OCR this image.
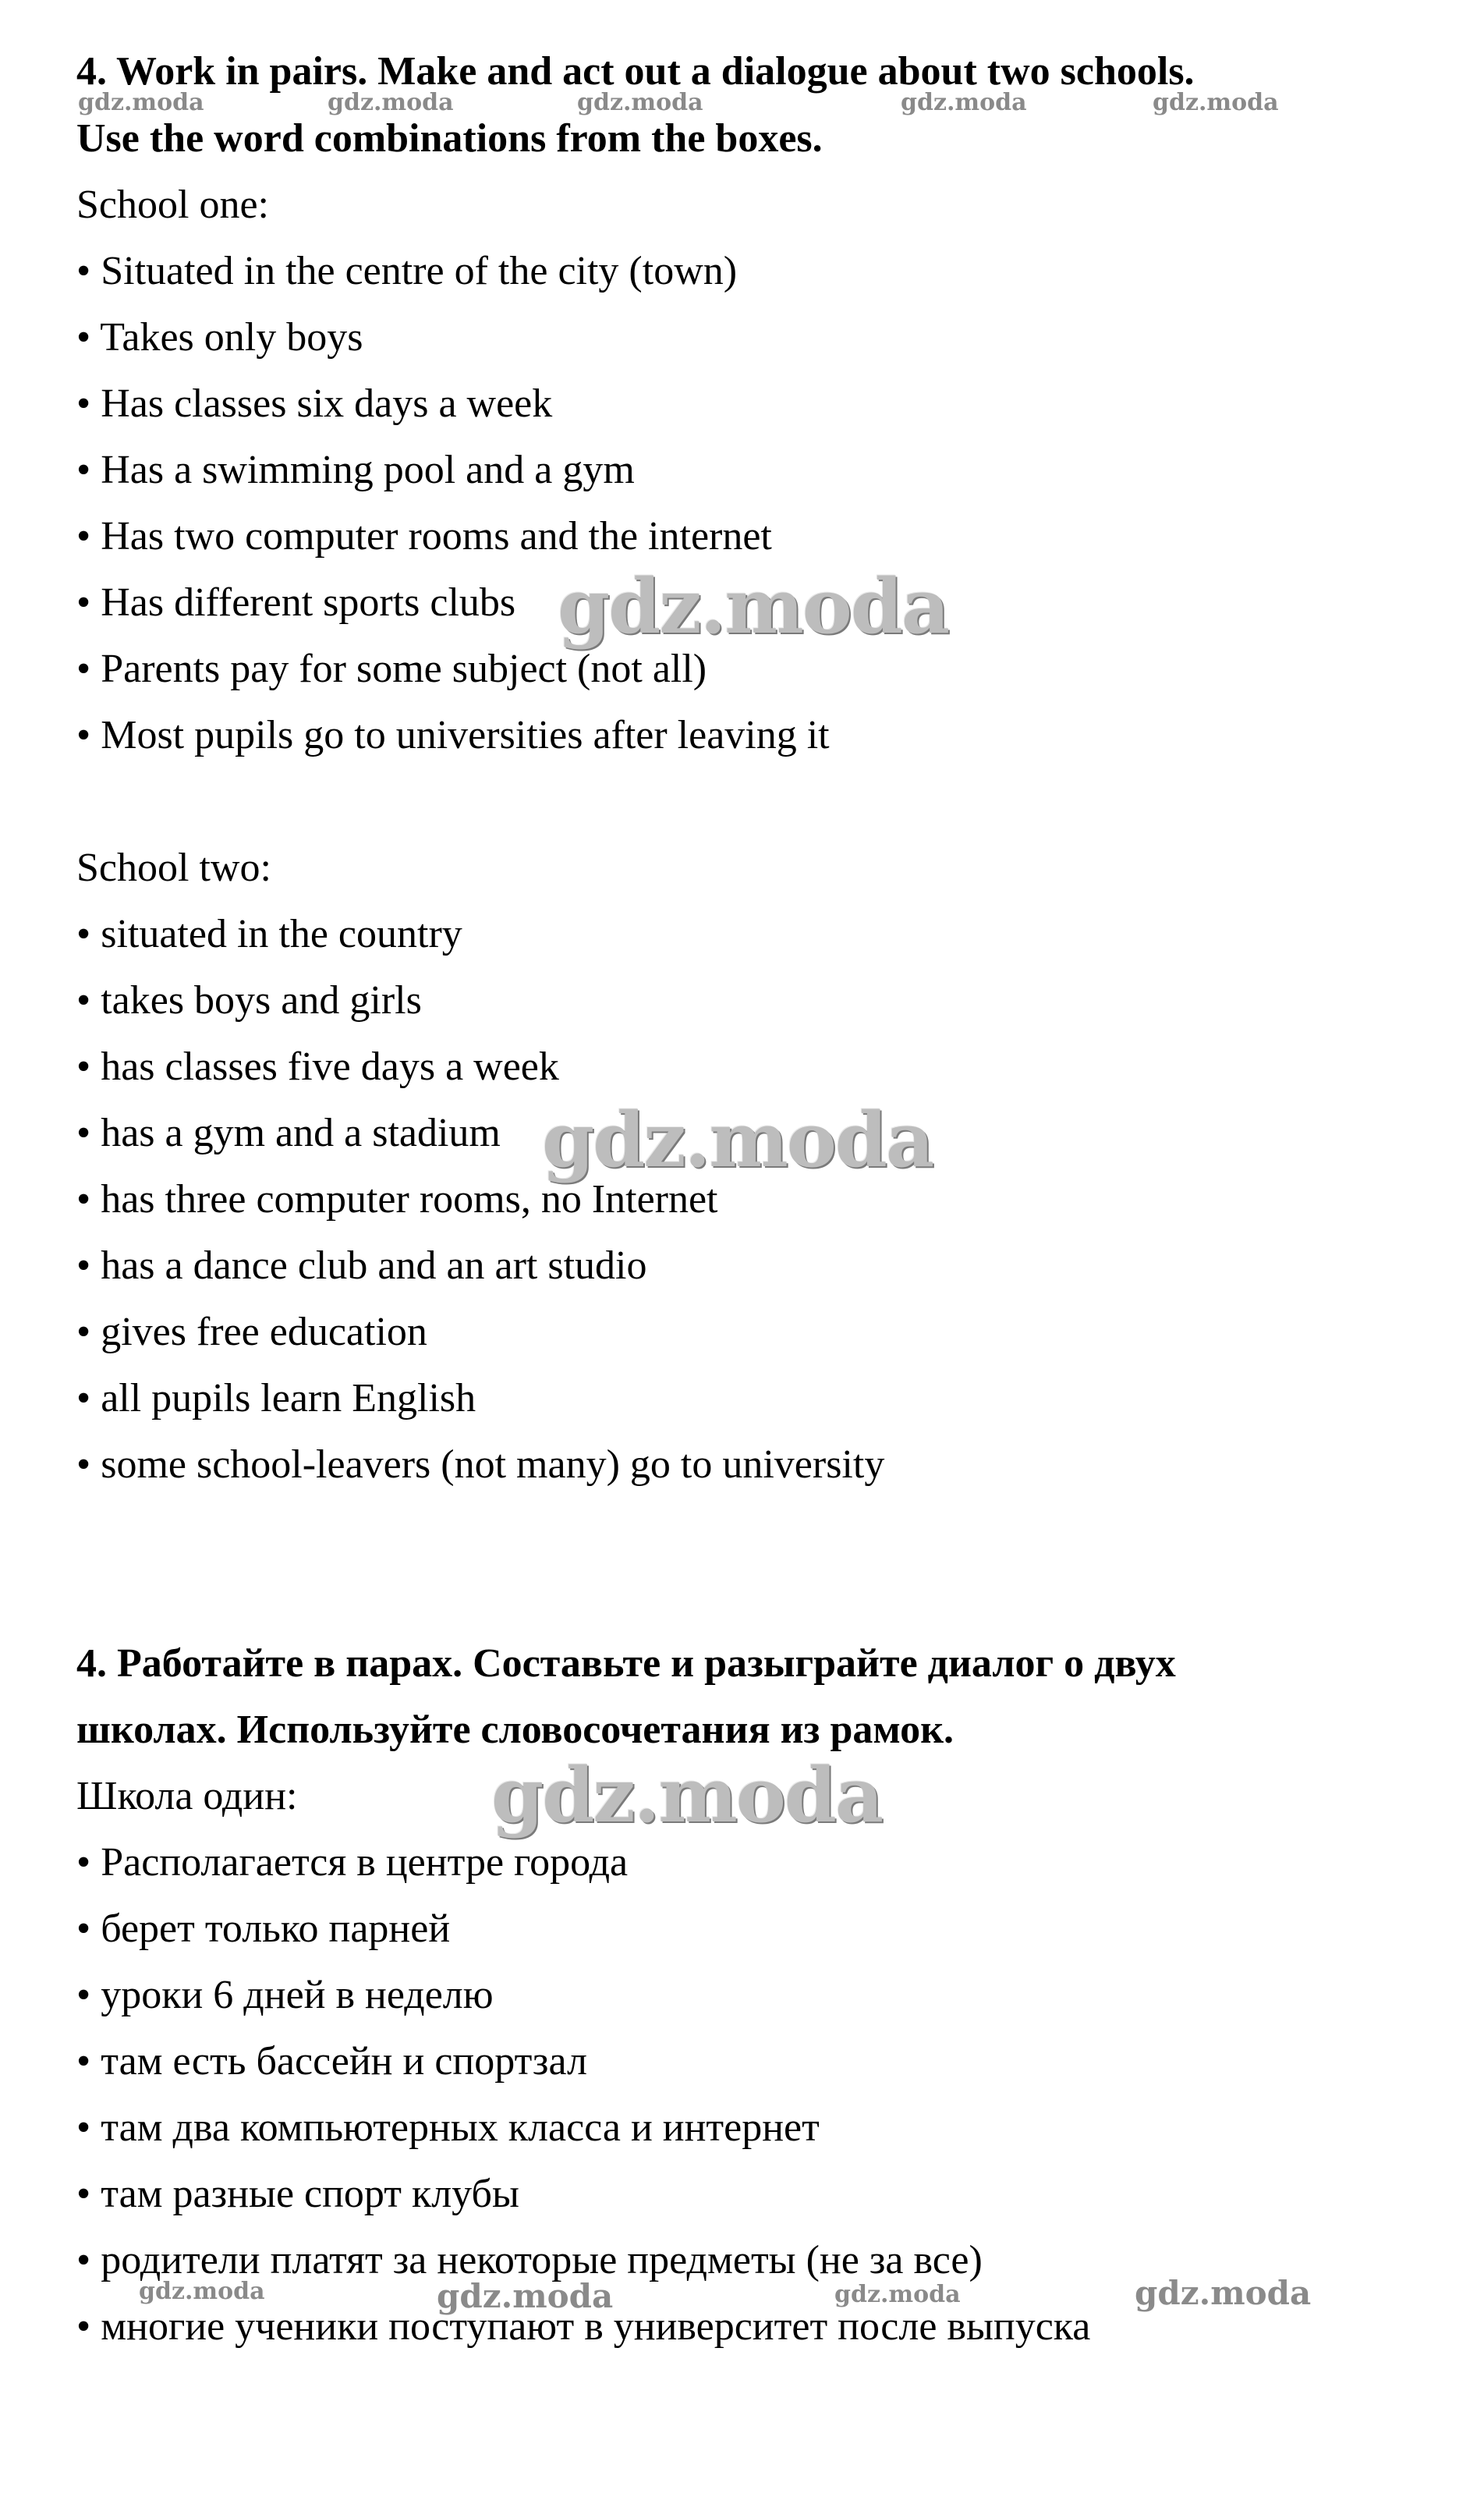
4. Work in pairs. Make and act out a dialogue about two schools.
Use the word combinations from the boxes.
School one:
• Situated in the centre of the city (town)
• Takes only boys
• Has classes six days a week
• Has a swimming pool and a gym
• Has two computer rooms and the internet
• Has different sports clubs
• Parents pay for some subject (not all)
• Most pupils go to universities after leaving it
School two:
• situated in the country
• takes boys and girls
• has classes five days a week
• has a gym and a stadium
• has three computer rooms, no Internet
• has a dance club and an art studio
• gives free education
• all pupils learn English
• some school-leavers (not many) go to university
4. Работайте в парах. Составьте и разыграйте диалог о двух
школах. Используйте словосочетания из рамок.
Школа один:
• Располагается в центре города
• берет только парней
• уроки 6 дней в неделю
• там есть бассейн и спортзал
• там два компьютерных класса и интернет
• там разные спорт клубы
• родители платят за некоторые предметы (не за все)
• многие ученики поступают в университет после выпуска
gdz.moda	gdz.moda	gdz.moda	gdz.moda	gdz.moda
gdz.moda	gdz.moda	gdz.moda	gdz.moda
gdz.moda
gdz.moda
gdz.moda
